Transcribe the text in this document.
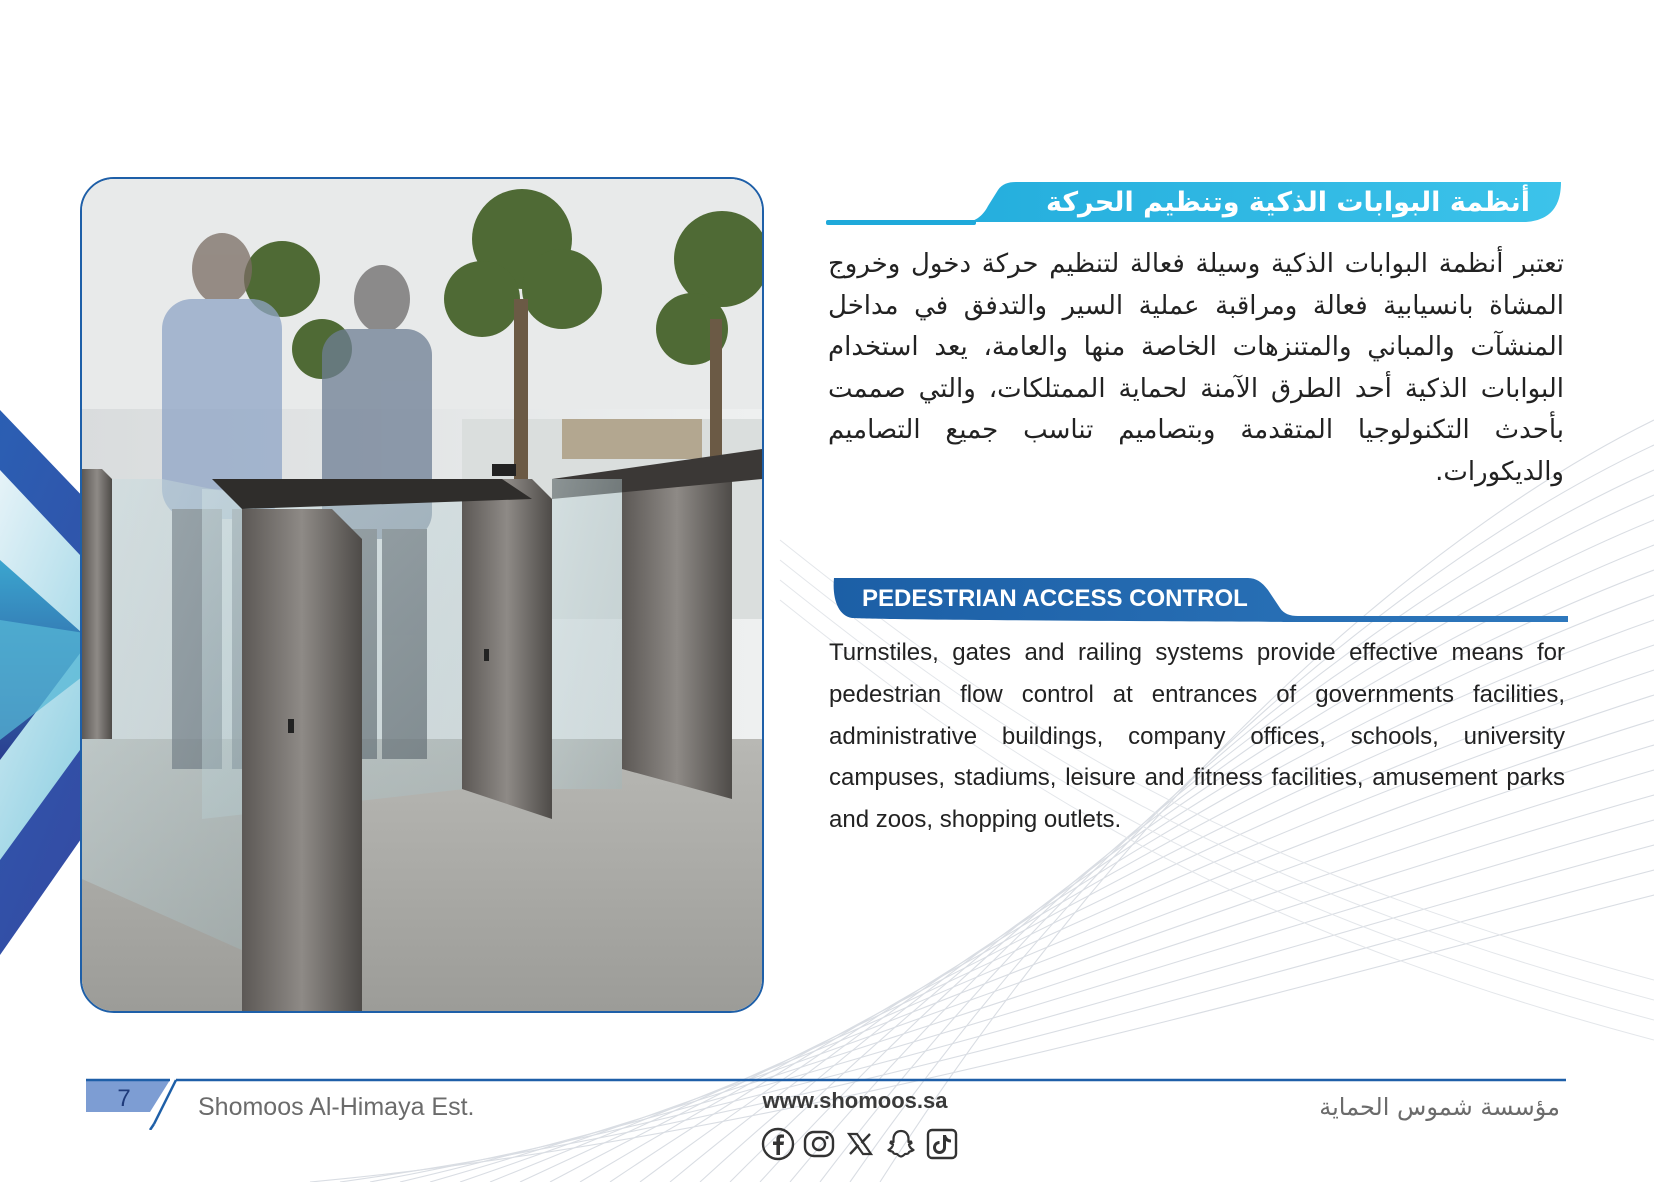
أنظمة البوابات الذكية وتنظيم الحركة
تعتبر أنظمة البوابات الذكية وسيلة فعالة لتنظيم حركة دخول وخروج المشاة بانسيابية فعالة ومراقبة عملية السير والتدفق في مداخل المنشآت والمباني والمتنزهات الخاصة منها والعامة، يعد استخدام البوابات الذكية أحد الطرق الآمنة لحماية الممتلكات، والتي صممت بأحدث التكنولوجيا المتقدمة وبتصاميم تناسب جميع التصاميم والديكورات.
PEDESTRIAN ACCESS CONTROL
Turnstiles, gates and railing systems provide effective means for pedestrian flow control at entrances of governments facilities, administrative buildings, company offices, schools, university campuses, stadiums, leisure and fitness facilities, amusement parks and zoos, shopping outlets.
7	Shomoos Al-Himaya Est.	www.shomoos.sa	مؤسسة شموس الحماية
